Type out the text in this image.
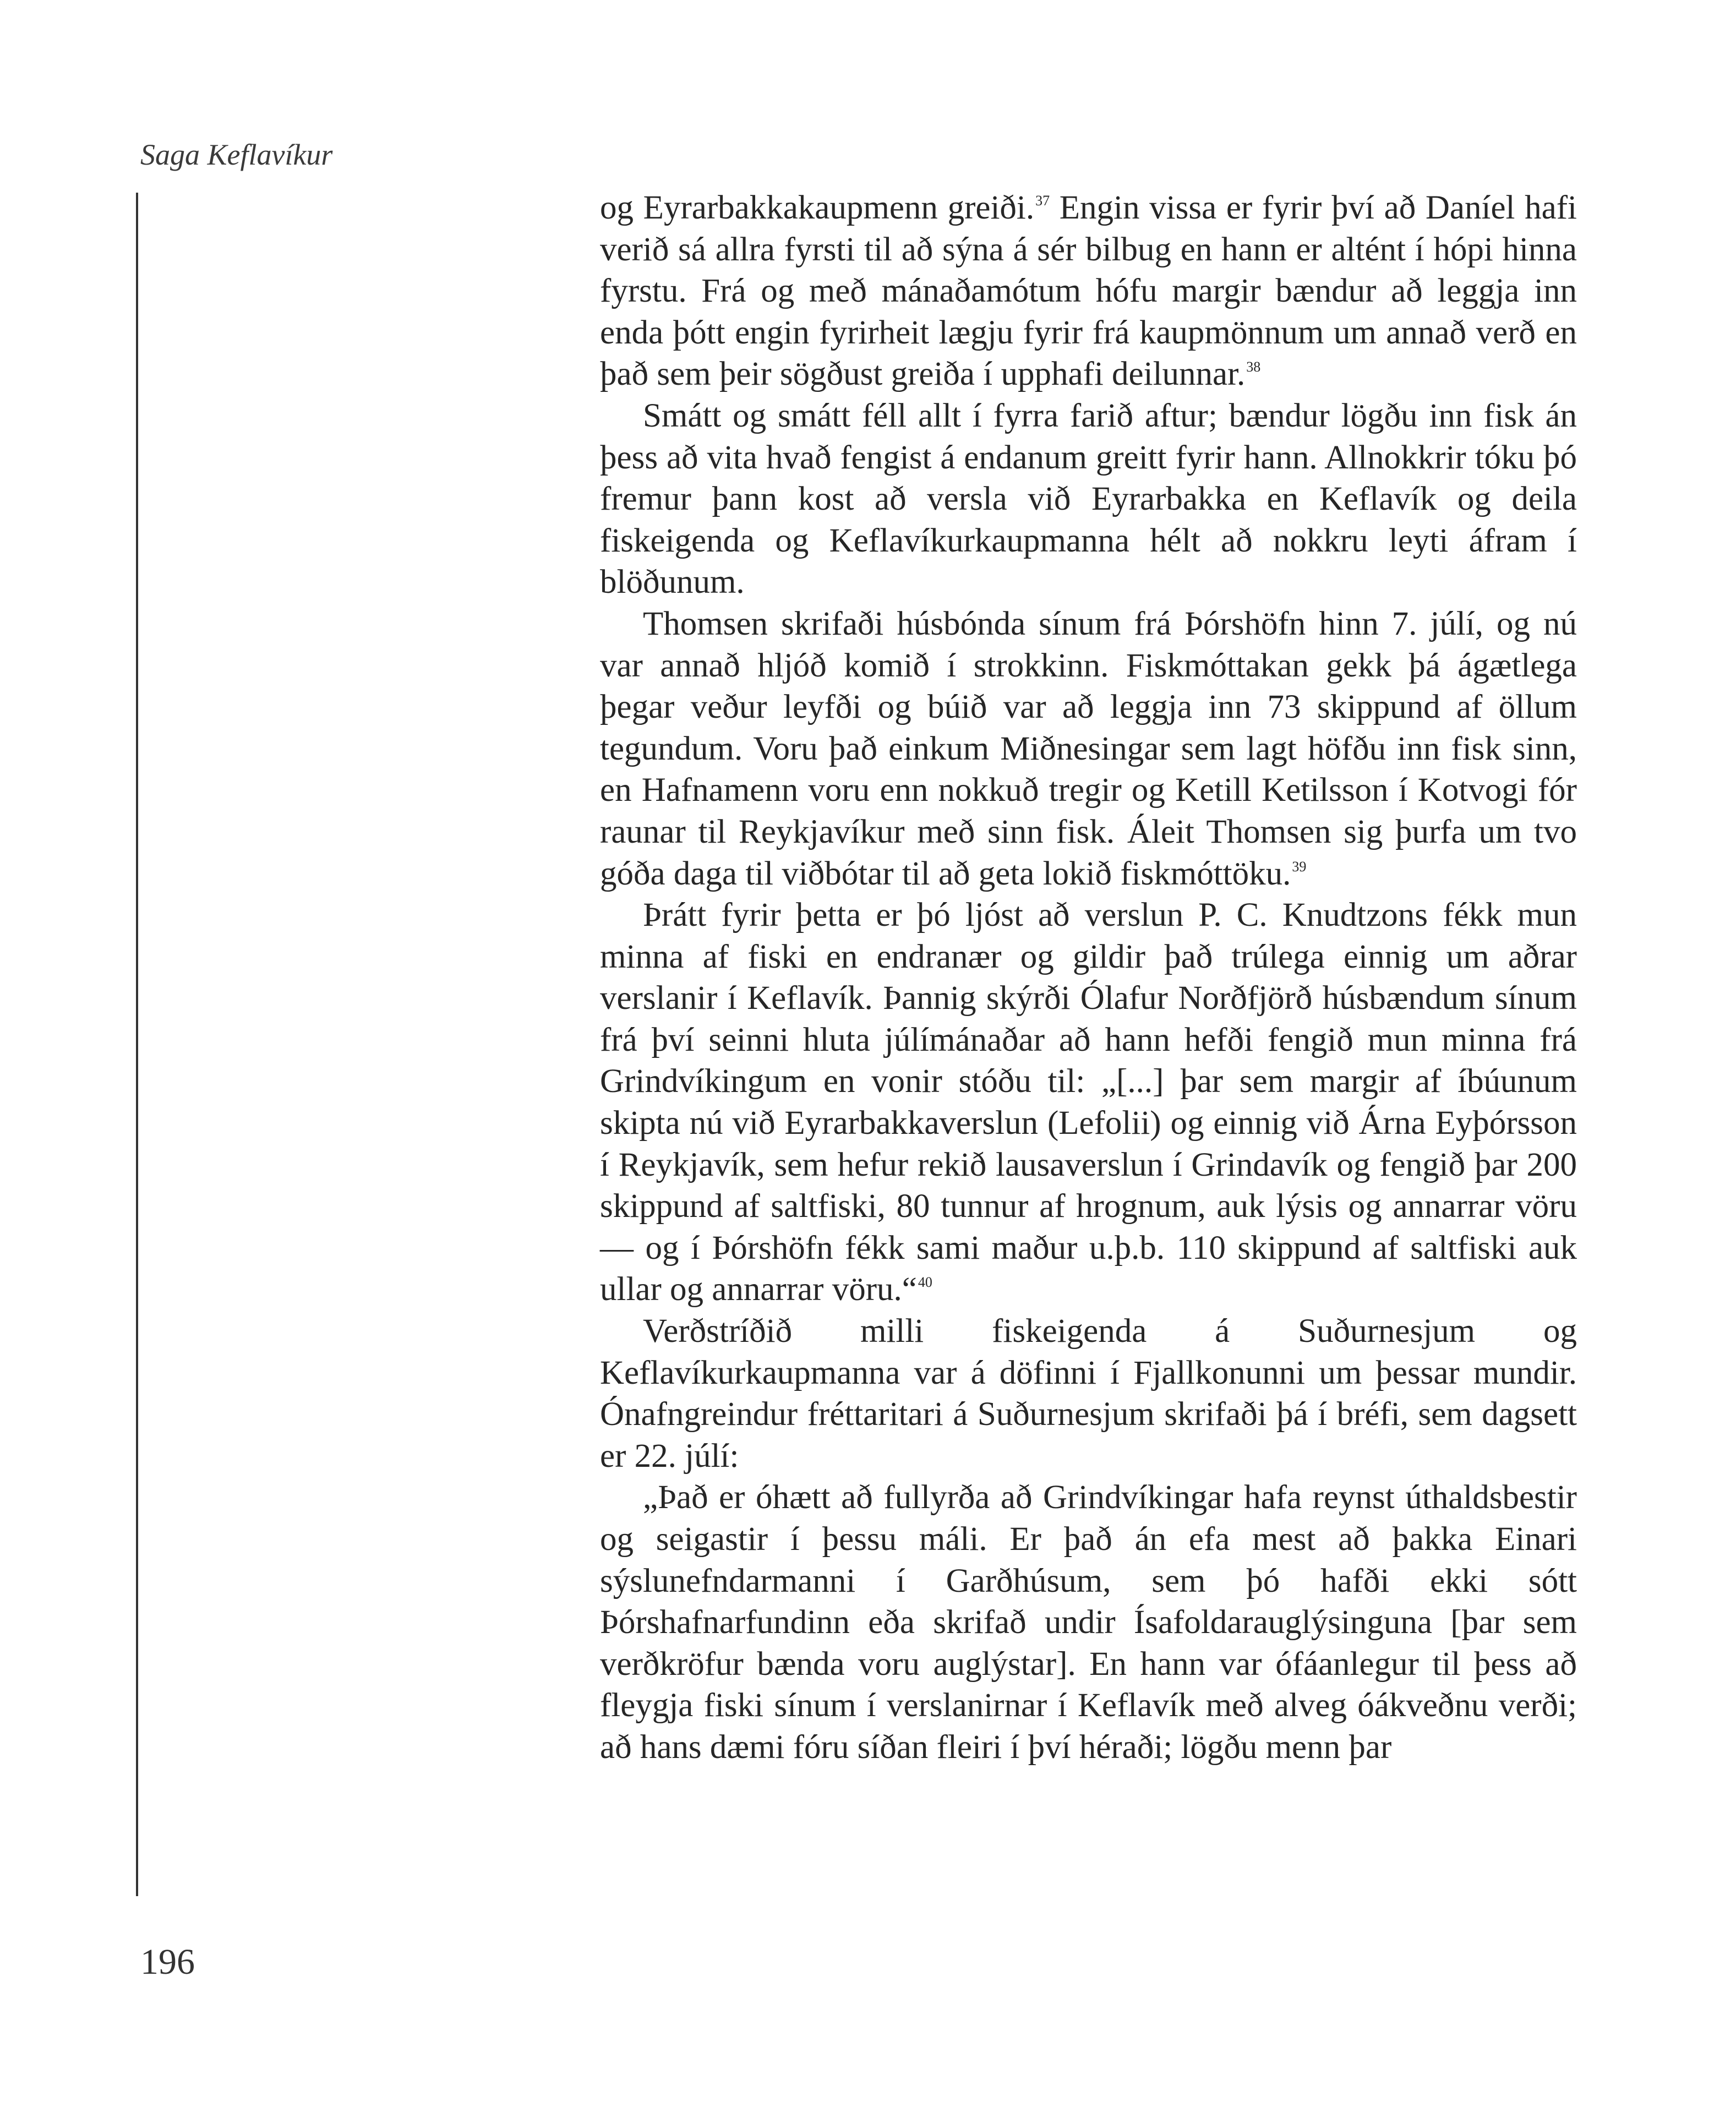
Saga Keflavíkur

og Eyrarbakkakaupmenn greiði.$^{37}$ Engin vissa er fyrir því að Daníel hafi verið sá allra fyrsti til að sýna á sér bilbug en hann er altént í hópi hinna fyrstu. Frá og með mánaðamótum hófu margir bændur að leggja inn enda þótt engin fyrirheit lægju fyrir frá kaupmönnum um annað verð en það sem þeir sögðust greiða í upphafi deilunnar.$^{38}$

Smátt og smátt féll allt í fyrra farið aftur; bændur lögðu inn fisk án þess að vita hvað fengist á endanum greitt fyrir hann. Allnokkrir tóku þó fremur þann kost að versla við Eyrarbakka en Keflavík og deila fiskeigenda og Keflavíkurkaupmanna hélt að nokkru leyti áfram í blöðunum.

Thomsen skrifaði húsbónda sínum frá Þórshöfn hinn 7. júlí, og nú var annað hljóð komið í strokkinn. Fiskmóttakan gekk þá ágætlega þegar veður leyfði og búið var að leggja inn 73 skippund af öllum tegundum. Voru það einkum Miðnesingar sem lagt höfðu inn fisk sinn, en Hafnamenn voru enn nokkuð tregir og Ketill Ketilsson í Kotvogi fór raunar til Reykjavíkur með sinn fisk. Áleit Thomsen sig þurfa um tvo góða daga til viðbótar til að geta lokið fiskmóttöku.$^{39}$

Þrátt fyrir þetta er þó ljóst að verslun P. C. Knudtzons fékk mun minna af fiski en endranær og gildir það trúlega einnig um aðrar verslanir í Keflavík. Þannig skýrði Ólafur Norðfjörð húsbændum sínum frá því seinni hluta júlímánaðar að hann hefði fengið mun minna frá Grindvíkingum en vonir stóðu til: „[...] þar sem margir af íbúunum skipta nú við Eyrarbakkaverslun (Lefolii) og einnig við Árna Eyþórsson í Reykjavík, sem hefur rekið lausaverslun í Grindavík og fengið þar 200 skippund af saltfiski, 80 tunnur af hrognum, auk lýsis og annarrar vöru — og í Þórshöfn fékk sami maður u.þ.b. 110 skippund af saltfiski auk ullar og annarrar vöru.“$^{40}$

Verðstríðið milli fiskeigenda á Suðurnesjum og Keflavíkurkaupmanna var á döfinni í Fjallkonunni um þessar mundir. Ónafngreindur fréttaritari á Suðurnesjum skrifaði þá í bréfi, sem dagsett er 22. júlí:

„Það er óhætt að fullyrða að Grindvíkingar hafa reynst úthaldsbestir og seigastir í þessu máli. Er það án efa mest að þakka Einari sýslunefndarmanni í Garðhúsum, sem þó hafði ekki sótt Þórshafnarfundinn eða skrifað undir Ísafoldarauglýsinguna [þar sem verðkröfur bænda voru auglýstar]. En hann var ófáanlegur til þess að fleygja fiski sínum í verslanirnar í Keflavík með alveg óákveðnu verði; að hans dæmi fóru síðan fleiri í því héraði; lögðu menn þar

196
